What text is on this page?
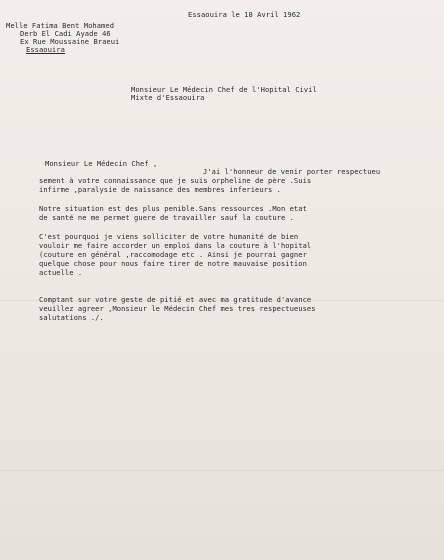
Essaouira le 18 Avril 1962
Melle Fatima Bent Mohamed
Derb El Cadi Ayade 46
Ex Rue Moussaine Braeui
Essaouira
Monsieur Le Médecin Chef de l'Hopital Civil
Mixte d'Essaouira
Monsieur Le Médecin Chef ,
J'ai l'honneur de venir porter respectueu
sement à votre connaissance que je suis orpheline de père .Suis
infirme ,paralysie de naissance des membres inferieurs .
Notre situation est des plus penible.Sans ressources .Mon etat
de santé ne me permet guere de travailler sauf la couture .
C'est pourquoi je viens solliciter de votre humanité de bien
vouloir me faire accorder un emploi dans la couture à l'hopital
(couture en général ,raccomodage etc . Ainsi je pourrai gagner
quelque chose pour nous faire tirer de notre mauvaise position
actuelle .
Comptant sur votre geste de pitié et avec ma gratitude d'avance
veuillez agreer ,Monsieur le Médecin Chef mes tres respectueuses
salutations ./.
